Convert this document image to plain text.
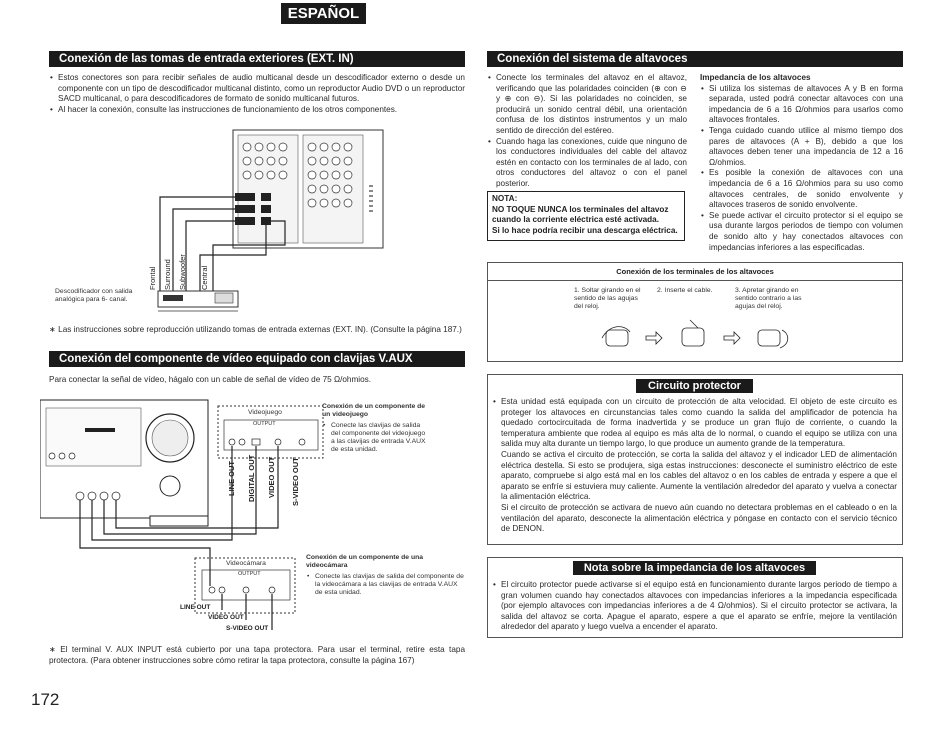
ESPAÑOL
Conexión de las tomas de entrada exteriores (EXT. IN)

• Estos conectores son para recibir señales de audio multicanal desde un descodificador externo o desde un componente con un tipo de descodificador multicanal distinto, como un reproductor Audio DVD o un reproductor SACD multicanal, o para descodificadores de formato de sonido multicanal futuros.

• Al hacer la conexión, consulte las instrucciones de funcionamiento de los otros componentes.

Frontal Surround Subwoofer Central
Descodificador con salida analógica para 6- canal.
∗ Las instrucciones sobre reproducción utilizando tomas de entrada externas (EXT. IN). (Consulte la página 187.)
Conexión del componente de vídeo equipado con clavijas V.AUX
Para conectar la señal de vídeo, hágalo con un cable de señal de vídeo de 75 Ω/ohmios.
LINE OUT DIGITAL OUT VIDEO OUT S-VIDEO OUT
LINE OUT
VIDEO OUT
S-VIDEO OUT
Videojuego
OUTPUT
Videocámara
OUTPUT
Conexión de un componente de un videojuego
• Conecte las clavijas de salida del componente del videojuego a las clavijas de entrada V.AUX de esta unidad.
Conexión de un componente de una videocámara
• Conecte las clavijas de salida del componente de la videocámara a las clavijas de entrada V.AUX de esta unidad.
∗ El terminal V. AUX INPUT está cubierto por una tapa protectora. Para usar el terminal, retire esta tapa protectora. (Para obtener instrucciones sobre cómo retirar la tapa protectora, consulte la página 167)
172
Conexión del sistema de altavoces

• Conecte los terminales del altavoz en el altavoz, verificando que las polaridades coinciden (⊕ con ⊖ y ⊕ con ⊖). Si las polaridades no coinciden, se producirá un sonido central débil, una orientación confusa de los distintos instrumentos y un malo sentido de dirección del estéreo.

• Cuando haga las conexiones, cuide que ninguno de los conductores individuales del cable del altavoz estén en contacto con los terminales de al lado, con otros conductores del altavoz o con el panel posterior.

NOTA:
NO TOQUE NUNCA los terminales del altavoz
cuando la corriente eléctrica esté activada.
Si lo hace podría recibir una descarga eléctrica.
Impedancia de los altavoces

• Si utiliza los sistemas de altavoces A y B en forma separada, usted podrá conectar altavoces con una impedancia de 6 a 16 Ω/ohmios para usarlos como altavoces frontales.

• Tenga cuidado cuando utilice al mismo tiempo dos pares de altavoces (A + B), debido a que los altavoces deben tener una impedancia de 12 a 16 Ω/ohmios.

• Es posible la conexión de altavoces con una impedancia de 6 a 16 Ω/ohmios para su uso como altavoces centrales, de sonido envolvente y altavoces traseros de sonido envolvente.

• Se puede activar el circuito protector si el equipo se usa durante largos periodos de tiempo con volumen de sonido alto y hay conectados altavoces con impedancias inferiores a las especificadas.

Conexión de los terminales de los altavoces
1. Soltar girando en el sentido de las agujas del reloj.
2. Inserte el cable.	3. Apretar girando en sentido contrario a las agujas del reloj.
Circuito protector

• Esta unidad está equipada con un circuito de protección de alta velocidad. El objeto de este circuito es proteger los altavoces en circunstancias tales como cuando la salida del amplificador de potencia ha quedado cortocircuitada de forma inadvertida y se produce un gran flujo de corriente, o cuando la temperatura ambiente que rodea al equipo es más alta de lo normal, o cuando el equipo se utiliza con una salida muy alta durante un tiempo largo, lo que produce un aumento grande de la temperatura.

Cuando se activa el circuito de protección, se corta la salida del altavoz y el indicador LED de alimentación eléctrica destella. Si esto se produjera, siga estas instrucciones: desconecte el suministro eléctrico de este aparato, compruebe si algo está mal en los cables del altavoz o en los cables de entrada y espere a que el aparato se enfríe si estuviera muy caliente. Aumente la ventilación alrededor del aparato y vuelva a conectar la alimentación eléctrica.

Si el circuito de protección se activara de nuevo aún cuando no detectara problemas en el cableado o en la ventilación del aparato, desconecte la alimentación eléctrica y póngase en contacto con el servicio técnico de DENON.

Nota sobre la impedancia de los altavoces

• El circuito protector puede activarse si el equipo está en funcionamiento durante largos periodo de tiempo a gran volumen cuando hay conectados altavoces con impedancias inferiores a la impedancia especificada (por ejemplo altavoces con impedancias inferiores a de 4 Ω/ohmios). Si el circuito protector se activara, la salida del altavoz se corta. Apague el aparato, espere a que el aparato se enfríe, mejore la ventilación alrededor del aparato y luego vuelva a encender el aparato.
